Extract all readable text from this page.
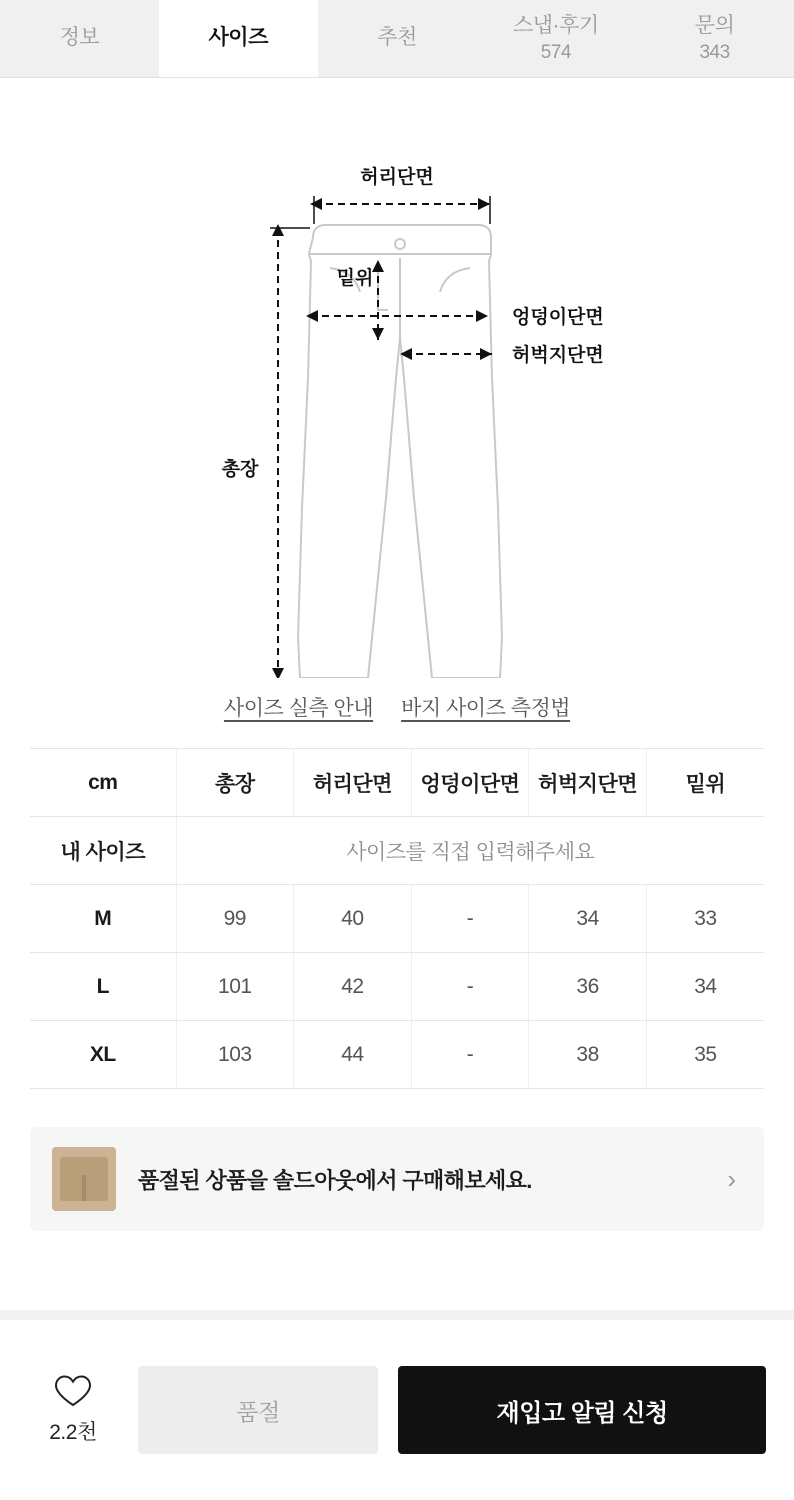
정보	사이즈	추천
스냅·후기
574
문의
343
허리단면
밑위
엉덩이단면
허벅지단면
총장
사이즈 실측 안내 바지 사이즈 측정법
cm	총장	허리단면	엉덩이단면	허벅지단면	밑위
내 사이즈	사이즈를 직접 입력해주세요				
M	99	40	-	34	33
L	101	42	-	36	34
XL	103	44	-	38	35
품절된 상품을 솔드아웃에서 구매해보세요.	›
2.2천
품절	재입고 알림 신청
